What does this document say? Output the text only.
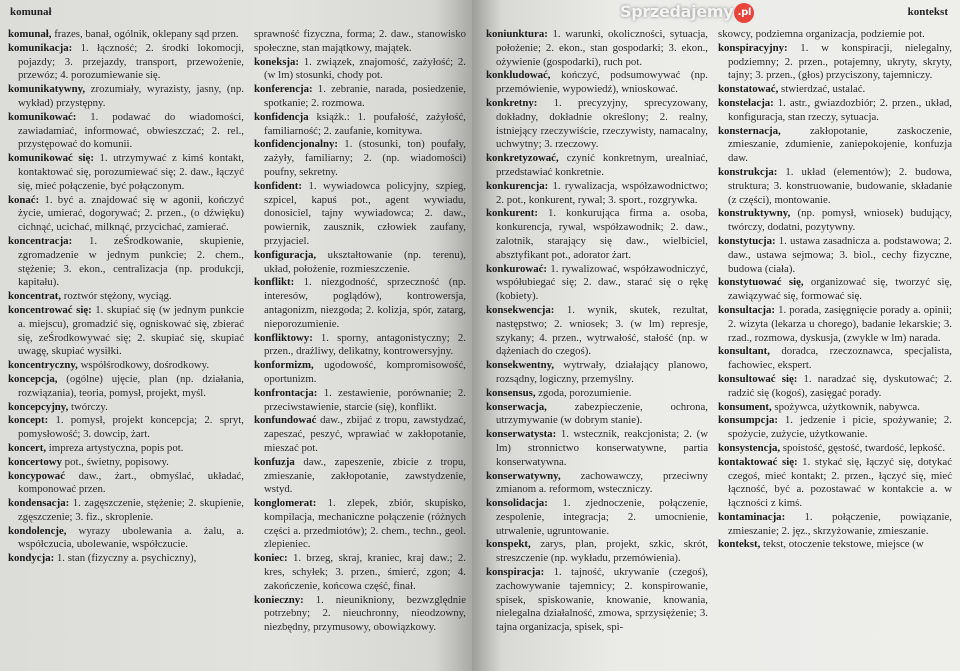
komunał

komunał, frazes, banał, ogólnik, oklepany sąd przen.

komunikacja: 1. łączność; 2. środki lokomocji, pojazdy; 3. przejazdy, transport, przewożenie, przewóz; 4. porozumiewanie się.

komunikatywny, zrozumiały, wyrazisty, jasny, (np. wykład) przystępny.

komunikować: 1. podawać do wiadomości, zawiadamiać, informować, obwieszczać; 2. rel., przystępować do komunii.

komunikować się: 1. utrzymywać z kimś kontakt, kontaktować się, porozumiewać się; 2. daw., łączyć się, mieć połączenie, być połączonym.

konać: 1. być a. znajdować się w agonii, kończyć życie, umierać, dogorywać; 2. przen., (o dźwięku) cichnąć, ucichać, milknąć, przycichać, zamierać.

koncentracja: 1. zeŚrodkowanie, skupienie, zgromadzenie w jednym punkcie; 2. chem., stężenie; 3. ekon., centralizacja (np. produkcji, kapitału).

koncentrat, roztwór stężony, wyciąg.

koncentrować się: 1. skupiać się (w jednym punkcie a. miejscu), gromadzić się, ogniskować się, zbierać się, zeŚrodkowywać się; 2. skupiać się, skupiać uwagę, skupiać wysiłki.

koncentryczny, współśrodkowy, dośrodkowy.

koncepcja, (ogólne) ujęcie, plan (np. działania, rozwiązania), teoria, pomysł, projekt, myśl.

koncepcyjny, twórczy.

koncept: 1. pomysł, projekt koncepcja; 2. spryt, pomysłowość; 3. dowcip, żart.

koncert, impreza artystyczna, popis pot.

koncertowy pot., świetny, popisowy.

koncypować daw., żart., obmyślać, układać, komponować przen.

kondensacja: 1. zagęszczenie, stężenie; 2. skupienie, zgęszczenie; 3. fiz., skroplenie.

kondolencje, wyrazy ubolewania a. żalu, a. współczucia, ubolewanie, współczucie.

kondycja: 1. stan (fizyczny a. psychiczny),

sprawność fizyczna, forma; 2. daw., stanowisko społeczne, stan majątkowy, majątek.

koneksja: 1. związek, znajomość, zażyłość; 2. (w lm) stosunki, chody pot.

konferencja: 1. zebranie, narada, posiedzenie, spotkanie; 2. rozmowa.

konfidencja książk.: 1. poufałość, zażyłość, familiarność; 2. zaufanie, komitywa.

konfidencjonalny: 1. (stosunki, ton) poufały, zażyły, familiarny; 2. (np. wiadomości) poufny, sekretny.

konfident: 1. wywiadowca policyjny, szpieg, szpicel, kapuś pot., agent wywiadu, donosiciel, tajny wywiadowca; 2. daw., powiernik, zausznik, człowiek zaufany, przyjaciel.

konfiguracja, ukształtowanie (np. terenu), układ, położenie, rozmieszczenie.

konflikt: 1. niezgodność, sprzeczność (np. interesów, poglądów), kontrowersja, antagonizm, niezgoda; 2. kolizja, spór, zatarg, nieporozumienie.

konfliktowy: 1. sporny, antagonistyczny; 2. przen., drażliwy, delikatny, kontrowersyjny.

konformizm, ugodowość, kompromisowość, oportunizm.

konfrontacja: 1. zestawienie, porównanie; 2. przeciwstawienie, starcie (się), konflikt.

konfundować daw., zbijać z tropu, zawstydzać, zapeszać, peszyć, wprawiać w zakłopotanie, mieszać pot.

konfuzja daw., zapeszenie, zbicie z tropu, zmieszanie, zakłopotanie, zawstydzenie, wstyd.

konglomerat: 1. zlepek, zbiór, skupisko, kompilacja, mechaniczne połączenie (różnych części a. przedmiotów); 2. chem., techn., geol. zlepieniec.

koniec: 1. brzeg, skraj, kraniec, kraj daw.; 2. kres, schyłek; 3. przen., śmierć, zgon; 4. zakończenie, końcowa część, finał.

konieczny: 1. nieunikniony, bezwzględnie potrzebny; 2. nieuchronny, nieodzowny, niezbędny, przymusowy, obowiązkowy.

kontekst

koniunktura: 1. warunki, okoliczności, sytuacja, położenie; 2. ekon., stan gospodarki; 3. ekon., ożywienie (gospodarki), ruch pot.

konkludować, kończyć, podsumowywać (np. przemówienie, wypowiedź), wnioskować.

konkretny: 1. precyzyjny, sprecyzowany, dokładny, dokładnie określony; 2. realny, istniejący rzeczywiście, rzeczywisty, namacalny, uchwytny; 3. rzeczowy.

konkretyzować, czynić konkretnym, urealniać, przedstawiać konkretnie.

konkurencja: 1. rywalizacja, współzawodnictwo; 2. pot., konkurent, rywal; 3. sport., rozgrywka.

konkurent: 1. konkurująca firma a. osoba, konkurencja, rywal, współzawodnik; 2. daw., zalotnik, starający się daw., wielbiciel, absztyfikant pot., adorator żart.

konkurować: 1. rywalizować, współzawodniczyć, współubiegać się; 2. daw., starać się o rękę (kobiety).

konsekwencja: 1. wynik, skutek, rezultat, następstwo; 2. wniosek; 3. (w lm) represje, szykany; 4. przen., wytrwałość, stałość (np. w dążeniach do czegoś).

konsekwentny, wytrwały, działający planowo, rozsądny, logiczny, przemyślny.

konsensus, zgoda, porozumienie.

konserwacja, zabezpieczenie, ochrona, utrzymywanie (w dobrym stanie).

konserwatysta: 1. wstecznik, reakcjonista; 2. (w lm) stronnictwo konserwatywne, partia konserwatywna.

konserwatywny, zachowawczy, przeciwny zmianom a. reformom, wsteczniczy.

konsolidacja: 1. zjednoczenie, połączenie, zespolenie, integracja; 2. umocnienie, utrwalenie, ugruntowanie.

konspekt, zarys, plan, projekt, szkic, skrót, streszczenie (np. wykładu, przemówienia).

konspiracja: 1. tajność, ukrywanie (czegoś), zachowywanie tajemnicy; 2. konspirowanie, spisek, spiskowanie, knowanie, knowania, nielegalna działalność, zmowa, sprzysiężenie; 3. tajna organizacja, spisek, spi-

skowcy, podziemna organizacja, podziemie pot.

konspiracyjny: 1. w konspiracji, nielegalny, podziemny; 2. przen., potajemny, ukryty, skryty, tajny; 3. przen., (głos) przyciszony, tajemniczy.

konstatować, stwierdzać, ustalać.

konstelacja: 1. astr., gwiazdozbiór; 2. przen., układ, konfiguracja, stan rzeczy, sytuacja.

konsternacja, zakłopotanie, zaskoczenie, zmieszanie, zdumienie, zaniepokojenie, konfuzja daw.

konstrukcja: 1. układ (elementów); 2. budowa, struktura; 3. konstruowanie, budowanie, składanie (z części), montowanie.

konstruktywny, (np. pomysł, wniosek) budujący, twórczy, dodatni, pozytywny.

konstytucja: 1. ustawa zasadnicza a. podstawowa; 2. daw., ustawa sejmowa; 3. biol., cechy fizyczne, budowa (ciała).

konstytuować się, organizować się, tworzyć się, zawiązywać się, formować się.

konsultacja: 1. porada, zasięgnięcie porady a. opinii; 2. wizyta (lekarza u chorego), badanie lekarskie; 3. rzad., rozmowa, dyskusja, (zwykle w lm) narada.

konsultant, doradca, rzeczoznawca, specjalista, fachowiec, ekspert.

konsultować się: 1. naradzać się, dyskutować; 2. radzić się (kogoś), zasięgać porady.

konsument, spożywca, użytkownik, nabywca.

konsumpcja: 1. jedzenie i picie, spożywanie; 2. spożycie, zużycie, użytkowanie.

konsystencja, spoistość, gęstość, twardość, lepkość.

kontaktować się: 1. stykać się, łączyć się, dotykać czegoś, mieć kontakt; 2. przen., łączyć się, mieć łączność, być a. pozostawać w kontakcie a. w łączności z kimś.

kontaminacja: 1. połączenie, powiązanie, zmieszanie; 2. jęz., skrzyżowanie, zmieszanie.

kontekst, tekst, otoczenie tekstowe, miejsce (w

Sprzedajemy .pl
